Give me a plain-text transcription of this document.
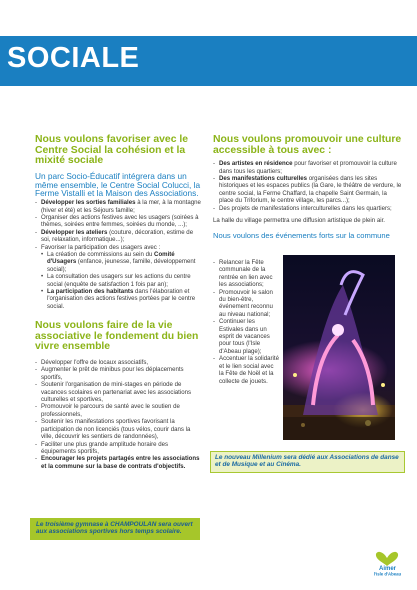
SOCIALE
Nous voulons favoriser avec le Centre Social la cohésion et la mixité sociale

Un parc Socio-Éducatif intégrera dans un même ensemble, le Centre Social Colucci, la Ferme Vistalli et la Maison des Associations.

- Développer les sorties familiales à la mer, à la montagne (hiver et été) et les Séjours famille;
- Organiser des actions festives avec les usagers (soirées à thèmes, soirées entre femmes, soirées du monde, ...);
- Développer les ateliers (couture, décoration, estime de soi, relaxation, informatique...);
- Favoriser la participation des usagers avec :
• La création de commissions au sein du Comité d'Usagers (enfance, jeunesse, famille, développement social);
• La consultation des usagers sur les actions du centre social (enquête de satisfaction 1 fois par an);
• La participation des habitants dans l'élaboration et l'organisation des actions festives portées par le centre social.
Nous voulons faire de la vie associative le fondement du bien vivre ensemble
- Développer l'offre de locaux associatifs,
- Augmenter le prêt de minibus pour les déplacements sportifs,
- Soutenir l'organisation de mini-stages en période de vacances scolaires en partenariat avec les associations culturelles et sportives,
- Promouvoir le parcours de santé avec le soutien de professionnels,
- Soutenir les manifestations sportives favorisant la participation de non licenciés (tous vélos, courir dans la ville, découvrir les sentiers de randonnées),
- Faciliter une plus grande amplitude horaire des équipements sportifs,
- Encourager les projets partagés entre les associations et la commune sur la base de contrats d'objectifs.
Nous voulons promouvoir une culture accessible à tous avec :
- Des artistes en résidence pour favoriser et promouvoir la culture dans tous les quartiers;
- Des manifestations culturelles organisées dans les sites historiques et les espaces publics (la Gare, le théâtre de verdure, le centre social, la Ferme Chaffard, la chapelle Saint Germain, la place du Triforium, le centre village, les parcs...);
- Des projets de manifestations interculturelles dans les quartiers;

La halle du village permettra une diffusion artistique de plein air.

Nous voulons des événements forts sur la commune

- Relancer la Fête communale de la rentrée en lien avec les associations;
- Promouvoir le salon du bien-être, événement reconnu au niveau national;
- Continuer les Estivales dans un esprit de vacances pour tous (l'Isle d'Abeau plage);
- Accentuer la solidarité et le lien social avec la Fête de Noël et la collecte de jouets.
Le nouveau Millenium sera dédié aux Associations de danse et de Musique et au Cinéma.
Le troisième gymnase à CHAMPOULAN sera ouvert aux associations sportives hors temps scolaire.
Aimer
l'Isle d'Abeau
